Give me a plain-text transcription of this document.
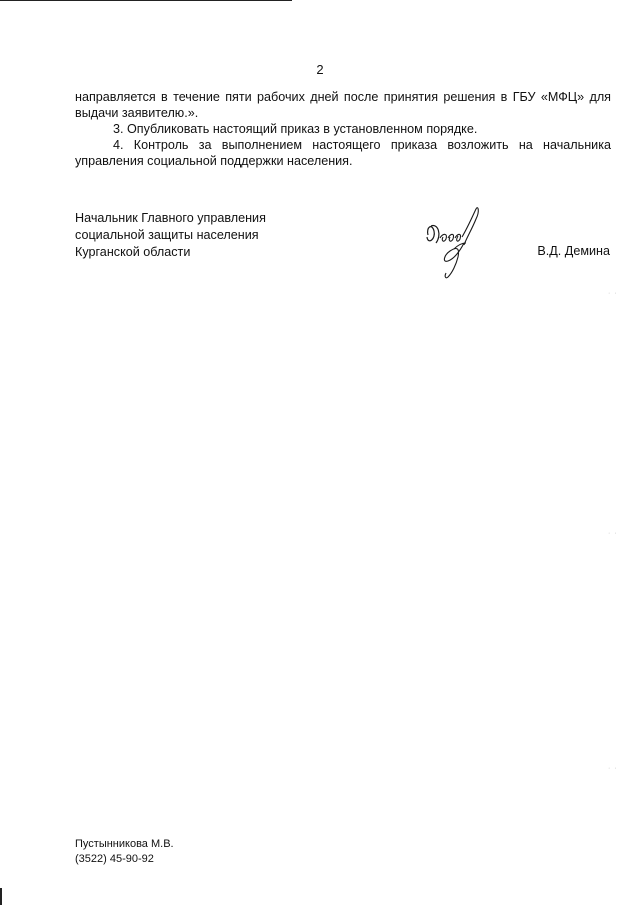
2

направляется в течение пяти рабочих дней после принятия решения в ГБУ «МФЦ» для выдачи заявителю.».

3. Опубликовать настоящий приказ в установленном порядке.

4. Контроль за выполнением настоящего приказа возложить на начальника управления социальной поддержки населения.

Начальник Главного управления
социальной защиты населения
Курганской области	В.Д. Демина
Пустынникова М.В.
(3522) 45-90-92
· ·
· ·
· ·
